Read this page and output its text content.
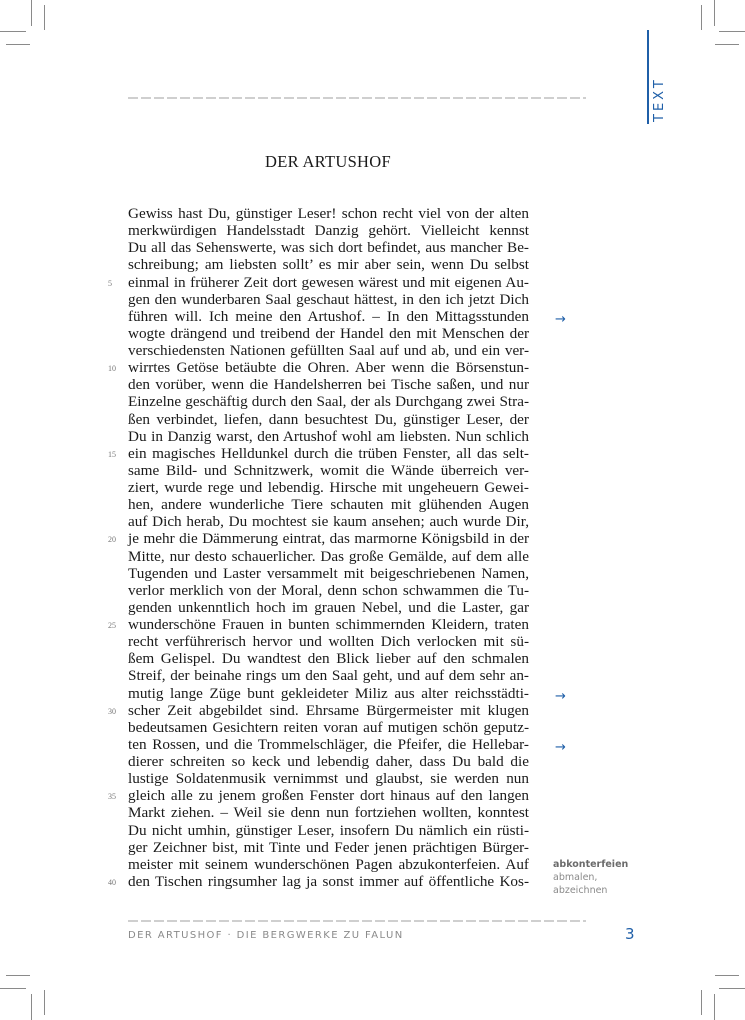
TEXT
DER ARTUSHOF
Gewiss hast Du, günstiger Leser! schon recht viel von der alten
merkwürdigen Handelsstadt Danzig gehört. Vielleicht kennst
Du all das Sehenswerte, was sich dort befindet, aus mancher Be-
schreibung; am liebsten sollt’ es mir aber sein, wenn Du selbst
einmal in früherer Zeit dort gewesen wärest und mit eigenen Au-
5
gen den wunderbaren Saal geschaut hättest, in den ich jetzt Dich
führen will. Ich meine den Artushof. – In den Mittagsstunden
wogte drängend und treibend der Handel den mit Menschen der
verschiedensten Nationen gefüllten Saal auf und ab, und ein ver-
wirrtes Getöse betäubte die Ohren. Aber wenn die Börsenstun-
10
den vorüber, wenn die Handelsherren bei Tische saßen, und nur
Einzelne geschäftig durch den Saal, der als Durchgang zwei Stra-
ßen verbindet, liefen, dann besuchtest Du, günstiger Leser, der
Du in Danzig warst, den Artushof wohl am liebsten. Nun schlich
ein magisches Helldunkel durch die trüben Fenster, all das selt-
15
same Bild- und Schnitzwerk, womit die Wände überreich ver-
ziert, wurde rege und lebendig. Hirsche mit ungeheuern Gewei-
hen, andere wunderliche Tiere schauten mit glühenden Augen
auf Dich herab, Du mochtest sie kaum ansehen; auch wurde Dir,
je mehr die Dämmerung eintrat, das marmorne Königsbild in der
20
Mitte, nur desto schauerlicher. Das große Gemälde, auf dem alle
Tugenden und Laster versammelt mit beigeschriebenen Namen,
verlor merklich von der Moral, denn schon schwammen die Tu-
genden unkenntlich hoch im grauen Nebel, und die Laster, gar
wunderschöne Frauen in bunten schimmernden Kleidern, traten
25
recht verführerisch hervor und wollten Dich verlocken mit sü-
ßem Gelispel. Du wandtest den Blick lieber auf den schmalen
Streif, der beinahe rings um den Saal geht, und auf dem sehr an-
mutig lange Züge bunt gekleideter Miliz aus alter reichsstädti-
scher Zeit abgebildet sind. Ehrsame Bürgermeister mit klugen
30
bedeutsamen Gesichtern reiten voran auf mutigen schön geputz-
ten Rossen, und die Trommelschläger, die Pfeifer, die Hellebar-
dierer schreiten so keck und lebendig daher, dass Du bald die
lustige Soldatenmusik vernimmst und glaubst, sie werden nun
gleich alle zu jenem großen Fenster dort hinaus auf den langen
35
Markt ziehen. – Weil sie denn nun fortziehen wollten, konntest
Du nicht umhin, günstiger Leser, insofern Du nämlich ein rüsti-
ger Zeichner bist, mit Tinte und Feder jenen prächtigen Bürger-
meister mit seinem wunderschönen Pagen abzukonterfeien. Auf
den Tischen ringsumher lag ja sonst immer auf öffentliche Kos-
40
→
→
→
abkonterfeien
abmalen,
abzeichnen
DER ARTUSHOF · DIE BERGWERKE ZU FALUN	3
